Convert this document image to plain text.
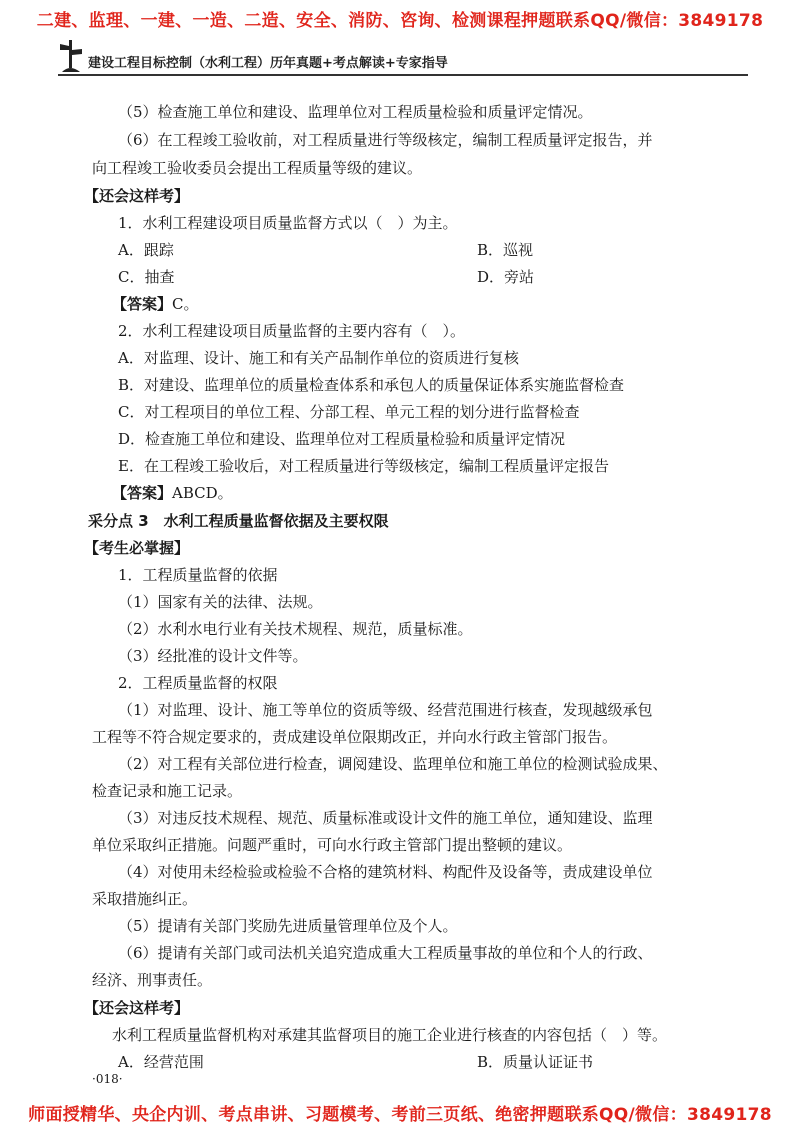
二建、监理、一建、一造、二造、安全、消防、咨询、检测课程押题联系QQ/微信：3849178
建设工程目标控制（水利工程）历年真题+考点解读+专家指导
（5）检查施工单位和建设、监理单位对工程质量检验和质量评定情况。
（6）在工程竣工验收前，对工程质量进行等级核定，编制工程质量评定报告，并
向工程竣工验收委员会提出工程质量等级的建议。
【还会这样考】
1．水利工程建设项目质量监督方式以（　）为主。
A．跟踪	B．巡视
C．抽查	D．旁站
【答案】C。
2．水利工程建设项目质量监督的主要内容有（　）。
A．对监理、设计、施工和有关产品制作单位的资质进行复核
B．对建设、监理单位的质量检查体系和承包人的质量保证体系实施监督检查
C．对工程项目的单位工程、分部工程、单元工程的划分进行监督检查
D．检查施工单位和建设、监理单位对工程质量检验和质量评定情况
E．在工程竣工验收后，对工程质量进行等级核定，编制工程质量评定报告
【答案】ABCD。
采分点 3　水利工程质量监督依据及主要权限
【考生必掌握】
1．工程质量监督的依据
（1）国家有关的法律、法规。
（2）水利水电行业有关技术规程、规范，质量标准。
（3）经批准的设计文件等。
2．工程质量监督的权限
（1）对监理、设计、施工等单位的资质等级、经营范围进行核查，发现越级承包
工程等不符合规定要求的，责成建设单位限期改正，并向水行政主管部门报告。
（2）对工程有关部位进行检查，调阅建设、监理单位和施工单位的检测试验成果、
检查记录和施工记录。
（3）对违反技术规程、规范、质量标准或设计文件的施工单位，通知建设、监理
单位采取纠正措施。问题严重时，可向水行政主管部门提出整顿的建议。
（4）对使用未经检验或检验不合格的建筑材料、构配件及设备等，责成建设单位
采取措施纠正。
（5）提请有关部门奖励先进质量管理单位及个人。
（6）提请有关部门或司法机关追究造成重大工程质量事故的单位和个人的行政、
经济、刑事责任。
【还会这样考】
水利工程质量监督机构对承建其监督项目的施工企业进行核查的内容包括（　）等。
A．经营范围	B．质量认证证书
·018·
师面授精华、央企内训、考点串讲、习题模考、考前三页纸、绝密押题联系QQ/微信：3849178
